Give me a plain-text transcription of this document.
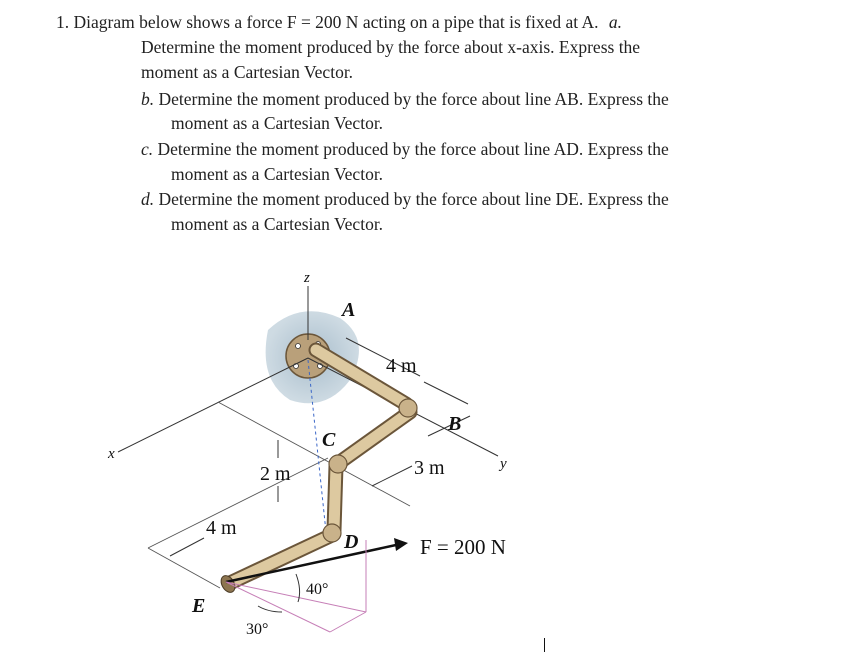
1. Diagram below shows a force F = 200 N acting on a pipe that is fixed at A. a.
Determine the moment produced by the force about x-axis. Express the
moment as a Cartesian Vector.
b. Determine the moment produced by the force about line AB. Express the
moment as a Cartesian Vector.
c. Determine the moment produced by the force about line AD. Express the
moment as a Cartesian Vector.
d. Determine the moment produced by the force about line DE. Express the
moment as a Cartesian Vector.
z
x
y
A
B
C
D
E
4 m
3 m
2 m
4 m
40°
30°
F = 200 N
